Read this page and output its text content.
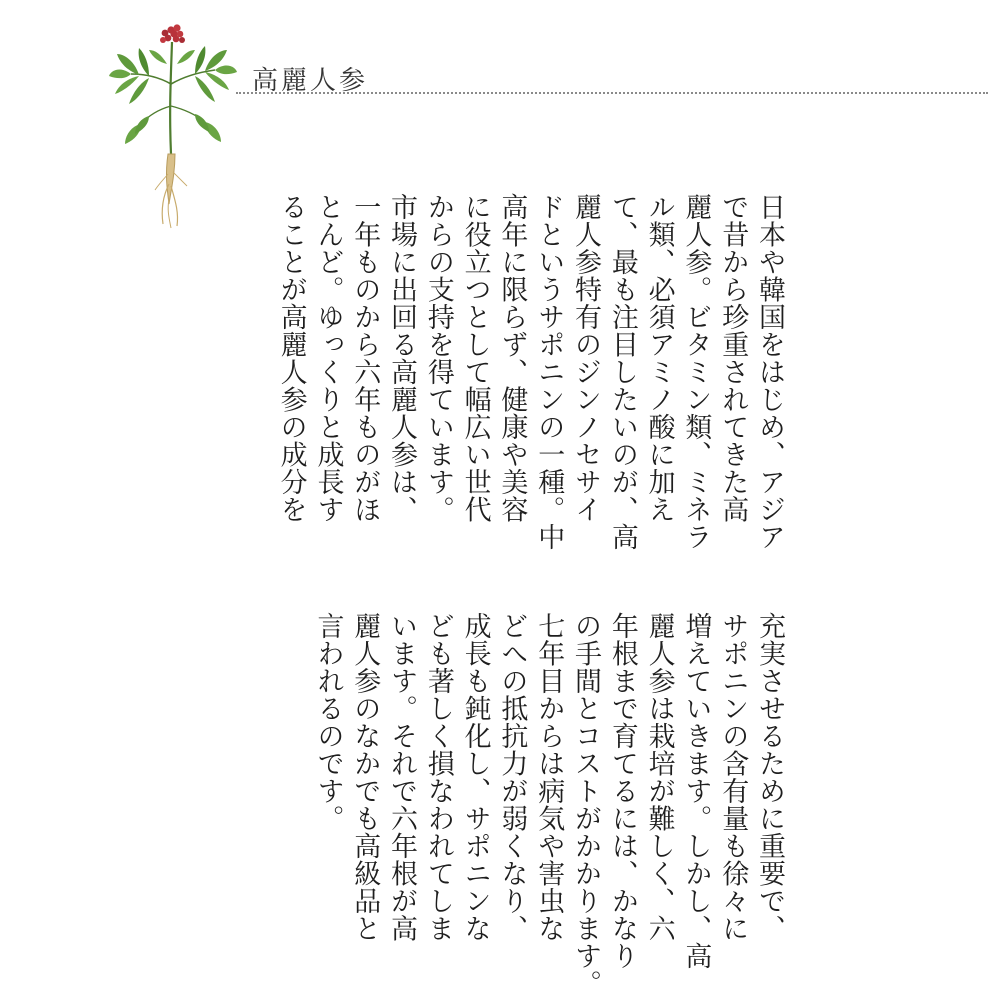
高麗人参
日本や韓国をはじめ、アジア
で昔から珍重されてきた高
麗人参。ビタミン類、ミネラ
ル類、必須アミノ酸に加え
て、最も注目したいのが、高
麗人参特有のジンノセサイ
ドというサポニンの一種。中
高年に限らず、健康や美容
に役立つとして幅広い世代
からの支持を得ています。
市場に出回る高麗人参は、
一年ものから六年ものがほ
とんど。ゆっくりと成長す
ることが高麗人参の成分を
充実させるために重要で、
サポニンの含有量も徐々に
増えていきます。しかし、高
麗人参は栽培が難しく、六
年根まで育てるには、かなり
の手間とコストがかかります。
七年目からは病気や害虫な
どへの抵抗力が弱くなり、
成長も鈍化し、サポニンな
ども著しく損なわれてしま
います。それで六年根が高
麗人参のなかでも高級品と
言われるのです。
